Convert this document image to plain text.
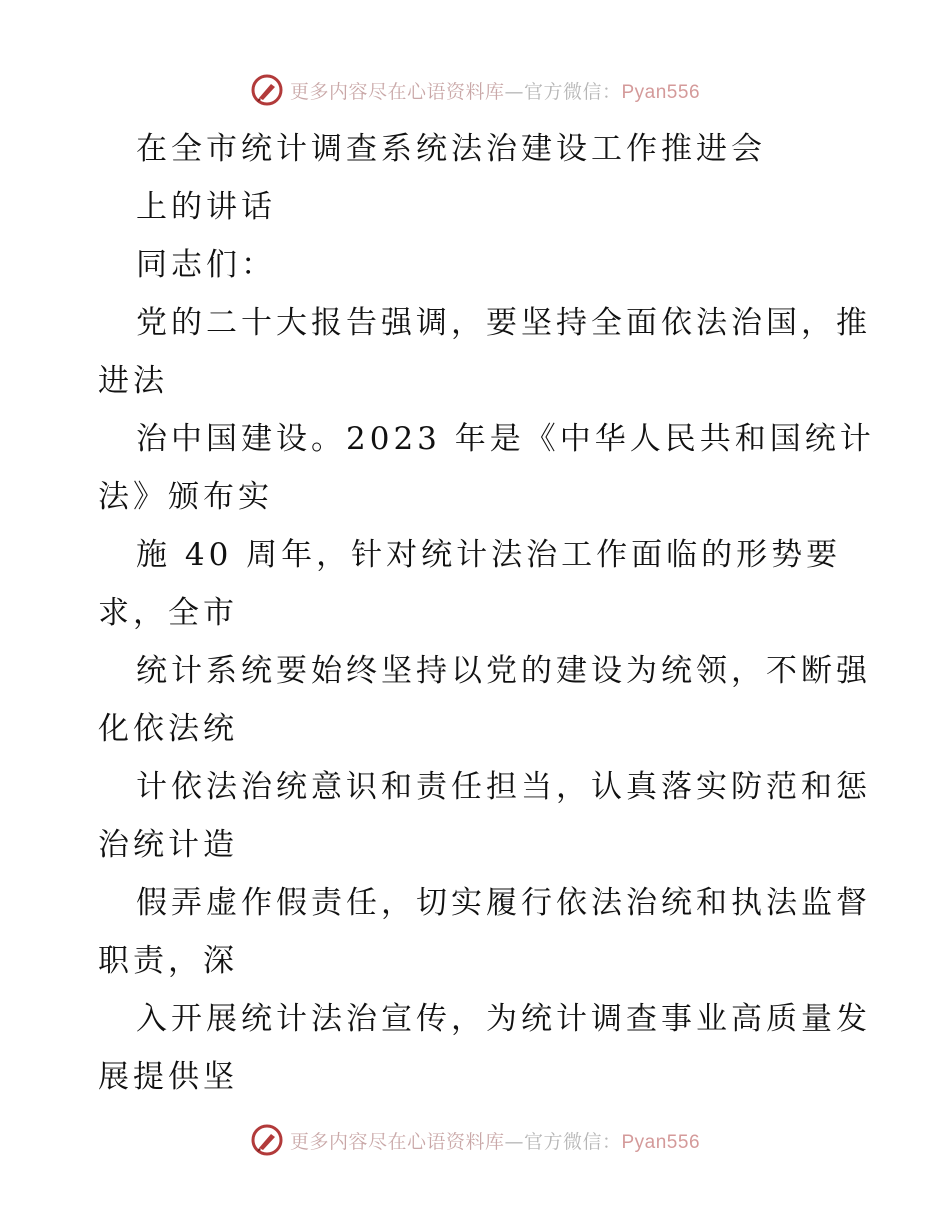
更多内容尽在心语资料库—官方微信：Pyan556
在全市统计调查系统法治建设工作推进会
上的讲话
同志们：
党的二十大报告强调，要坚持全面依法治国，推
进法
治中国建设。2023 年是《中华人民共和国统计
法》颁布实
施 40 周年，针对统计法治工作面临的形势要
求，全市
统计系统要始终坚持以党的建设为统领，不断强
化依法统
计依法治统意识和责任担当，认真落实防范和惩
治统计造
假弄虚作假责任，切实履行依法治统和执法监督
职责，深
入开展统计法治宣传，为统计调查事业高质量发
展提供坚
更多内容尽在心语资料库—官方微信：Pyan556
